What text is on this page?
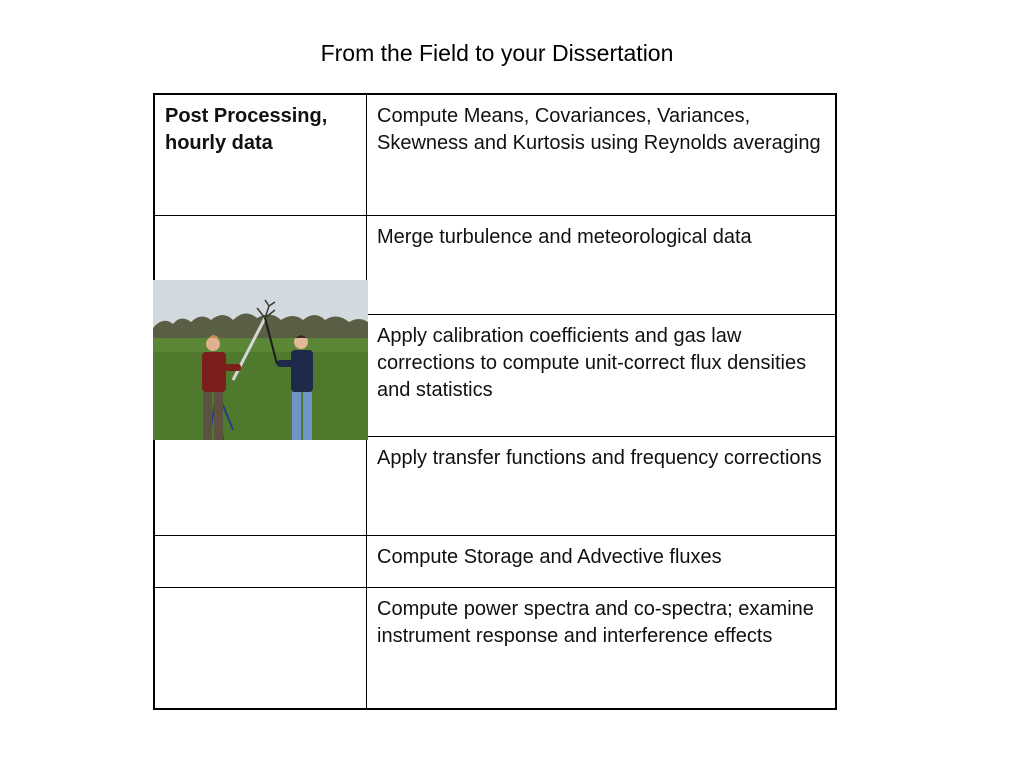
From the Field to your Dissertation
Post Processing, hourly data	Compute Means, Covariances, Variances, Skewness and Kurtosis using Reynolds averaging
	Merge turbulence and meteorological data
	Apply calibration coefficients and gas law corrections to compute unit-correct flux densities and statistics
	Apply transfer functions and frequency corrections
	Compute Storage and Advective fluxes
	Compute power spectra and co-spectra; examine instrument response and interference effects
